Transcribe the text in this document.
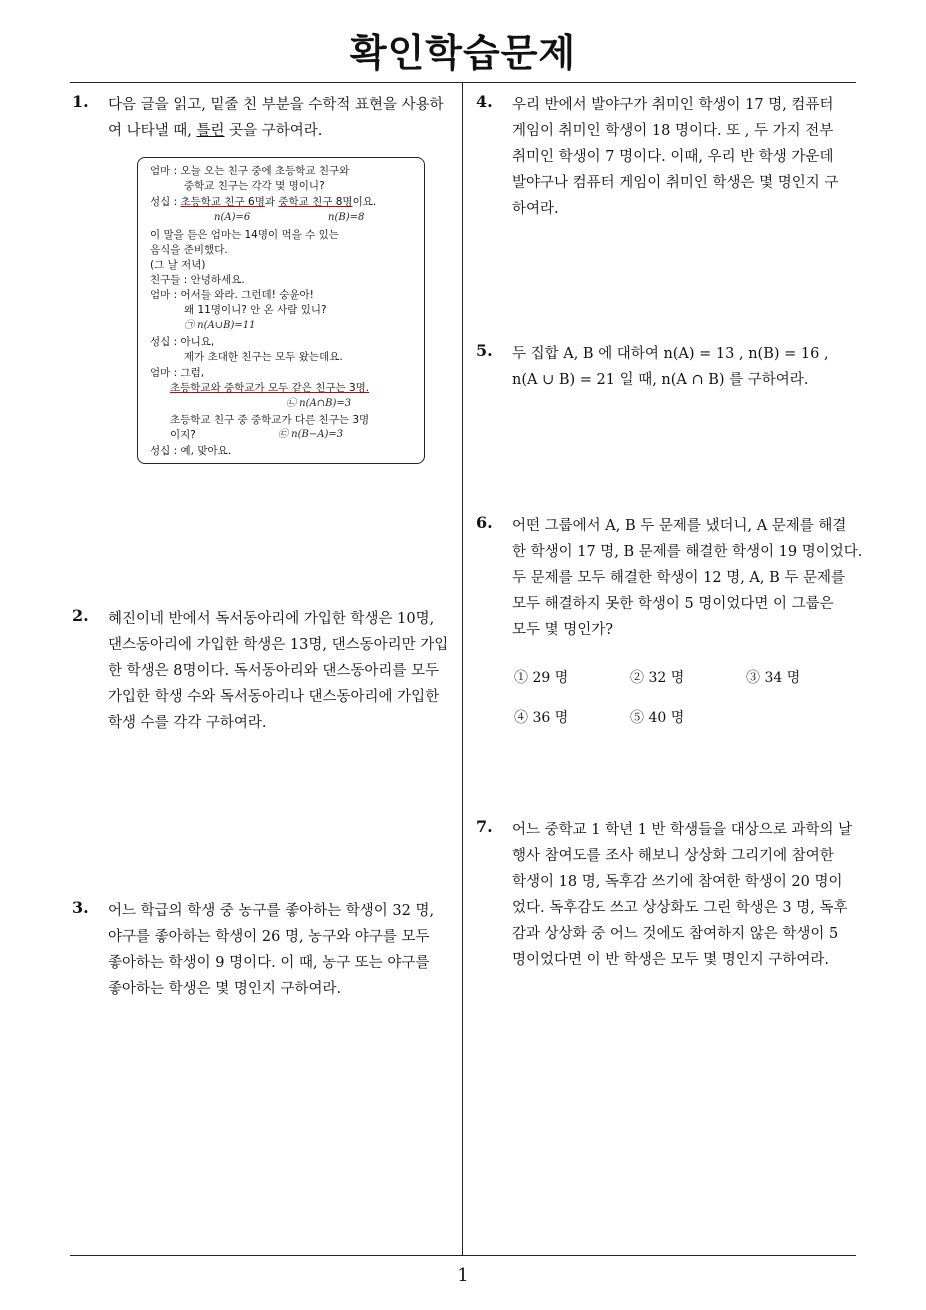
확인학습문제
1. 다음 글을 읽고, 밑줄 친 부분을 수학적 표현을 사용하
여 나타낼 때, 틀린 곳을 구하여라.
엄마 : 오늘 오는 친구 중에 초등학교 친구와
중학교 친구는 각각 몇 명이니?
성십 : 초등학교 친구 6명과 중학교 친구 8명이요.
n(A)=6	n(B)=8
이 말을 듣은 엄마는 14명이 먹을 수 있는
음식을 준비했다.
(그 날 저녁)
친구들 : 안녕하세요.
엄마 : 어서들 와라. 그런데! 숭윤아!
왜 11명이니? 안 온 사람 있니?
㉠ n(A∪B)=11
성십 : 아니요,
제가 초대한 친구는 모두 왔는데요.
엄마 : 그럼,
초등학교와 중학교가 모두 같은 친구는 3명.
㉡ n(A∩B)=3
초등학교 친구 중 중학교가 다른 친구는 3명
이지?	㉢ n(B−A)=3
성십 : 예, 맞아요.
2. 혜진이네 반에서 독서동아리에 가입한 학생은 10명,
댄스동아리에 가입한 학생은 13명, 댄스동아리만 가입
한 학생은 8명이다. 독서동아리와 댄스동아리를 모두
가입한 학생 수와 독서동아리나 댄스동아리에 가입한
학생 수를 각각 구하여라.
3. 어느 학급의 학생 중 농구를 좋아하는 학생이 32 명,
야구를 좋아하는 학생이 26 명, 농구와 야구를 모두
좋아하는 학생이 9 명이다. 이 때, 농구 또는 야구를
좋아하는 학생은 몇 명인지 구하여라.
4. 우리 반에서 발야구가 취미인 학생이 17 명, 컴퓨터
게임이 취미인 학생이 18 명이다. 또 , 두 가지 전부
취미인 학생이 7 명이다. 이때, 우리 반 학생 가운데
발야구나 컴퓨터 게임이 취미인 학생은 몇 명인지 구
하여라.
5. 두 집합 A, B 에 대하여 n(A) = 13 , n(B) = 16 ,
n(A ∪ B) = 21 일 때, n(A ∩ B) 를 구하여라.
6. 어떤 그룹에서 A, B 두 문제를 냈더니, A 문제를 해결
한 학생이 17 명, B 문제를 해결한 학생이 19 명이었다.
두 문제를 모두 해결한 학생이 12 명, A, B 두 문제를
모두 해결하지 못한 학생이 5 명이었다면 이 그룹은
모두 몇 명인가?
① 29 명	② 32 명	③ 34 명
④ 36 명	⑤ 40 명
7. 어느 중학교 1 학년 1 반 학생들을 대상으로 과학의 날
행사 참여도를 조사 해보니 상상화 그리기에 참여한
학생이 18 명, 독후감 쓰기에 참여한 학생이 20 명이
었다. 독후감도 쓰고 상상화도 그린 학생은 3 명, 독후
감과 상상화 중 어느 것에도 참여하지 않은 학생이 5
명이었다면 이 반 학생은 모두 몇 명인지 구하여라.
1
